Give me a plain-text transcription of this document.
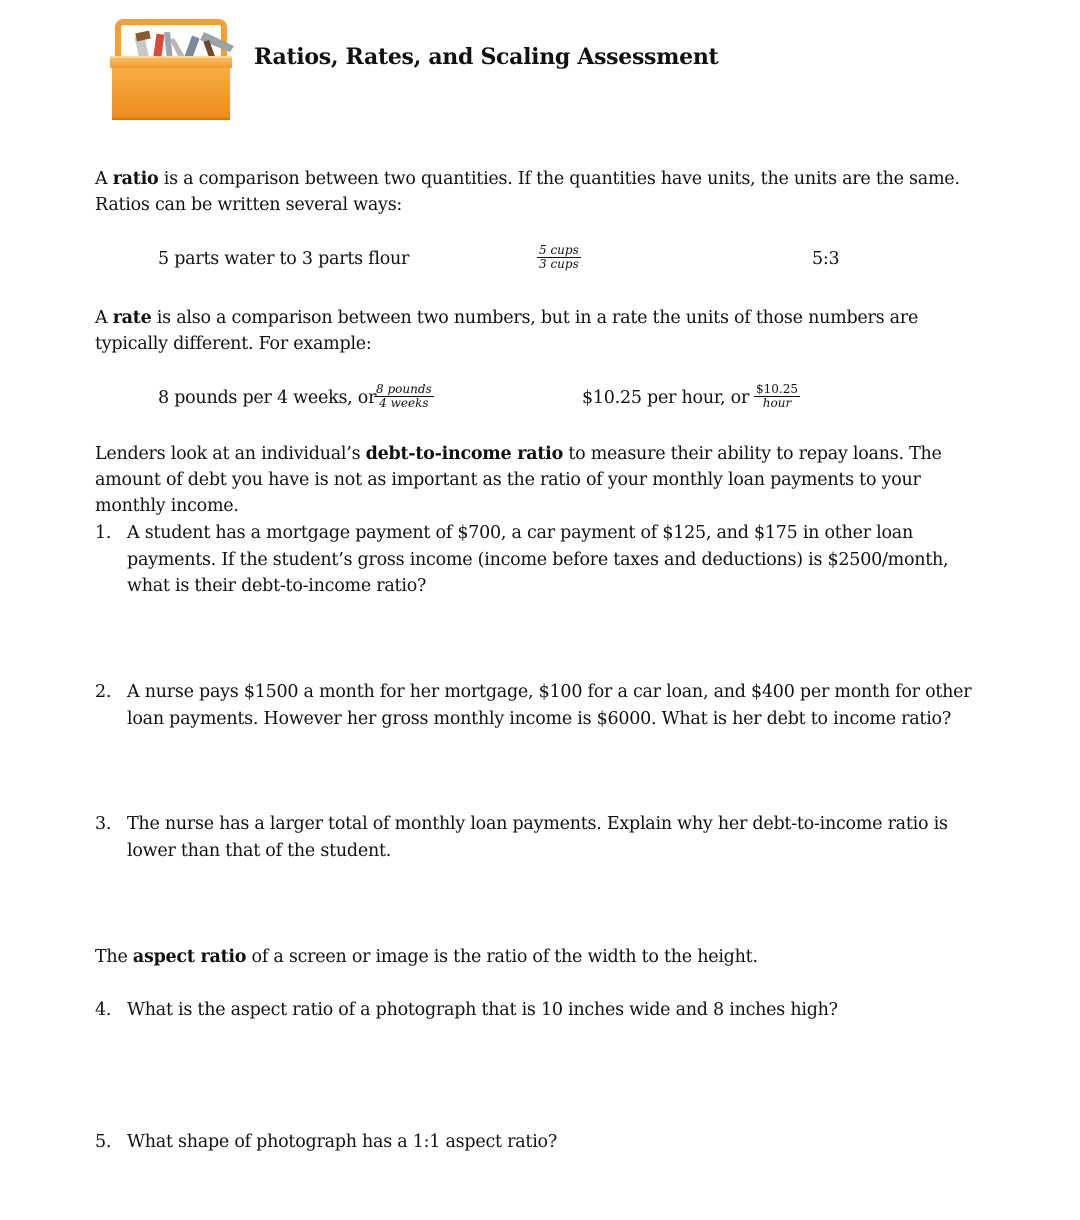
Ratios, Rates, and Scaling Assessment
A ratio is a comparison between two quantities. If the quantities have units, the units are the same. Ratios can be written several ways:
5 parts water to 3 parts flour	5 cups
3 cups	5:3
A rate is also a comparison between two numbers, but in a rate the units of those numbers are typically different. For example:
8 pounds per 4 weeks, or 8 pounds
4 weeks	$10.25 per hour, or $10.25
hour
Lenders look at an individual’s debt-to-income ratio to measure their ability to repay loans. The amount of debt you have is not as important as the ratio of your monthly loan payments to your monthly income.
1. A student has a mortgage payment of $700, a car payment of $125, and $175 in other loan payments. If the student’s gross income (income before taxes and deductions) is $2500/month, what is their debt-to-income ratio?
2. A nurse pays $1500 a month for her mortgage, $100 for a car loan, and $400 per month for other loan payments. However her gross monthly income is $6000. What is her debt to income ratio?
3. The nurse has a larger total of monthly loan payments. Explain why her debt-to-income ratio is lower than that of the student.
The aspect ratio of a screen or image is the ratio of the width to the height.
4. What is the aspect ratio of a photograph that is 10 inches wide and 8 inches high?
5. What shape of photograph has a 1:1 aspect ratio?
